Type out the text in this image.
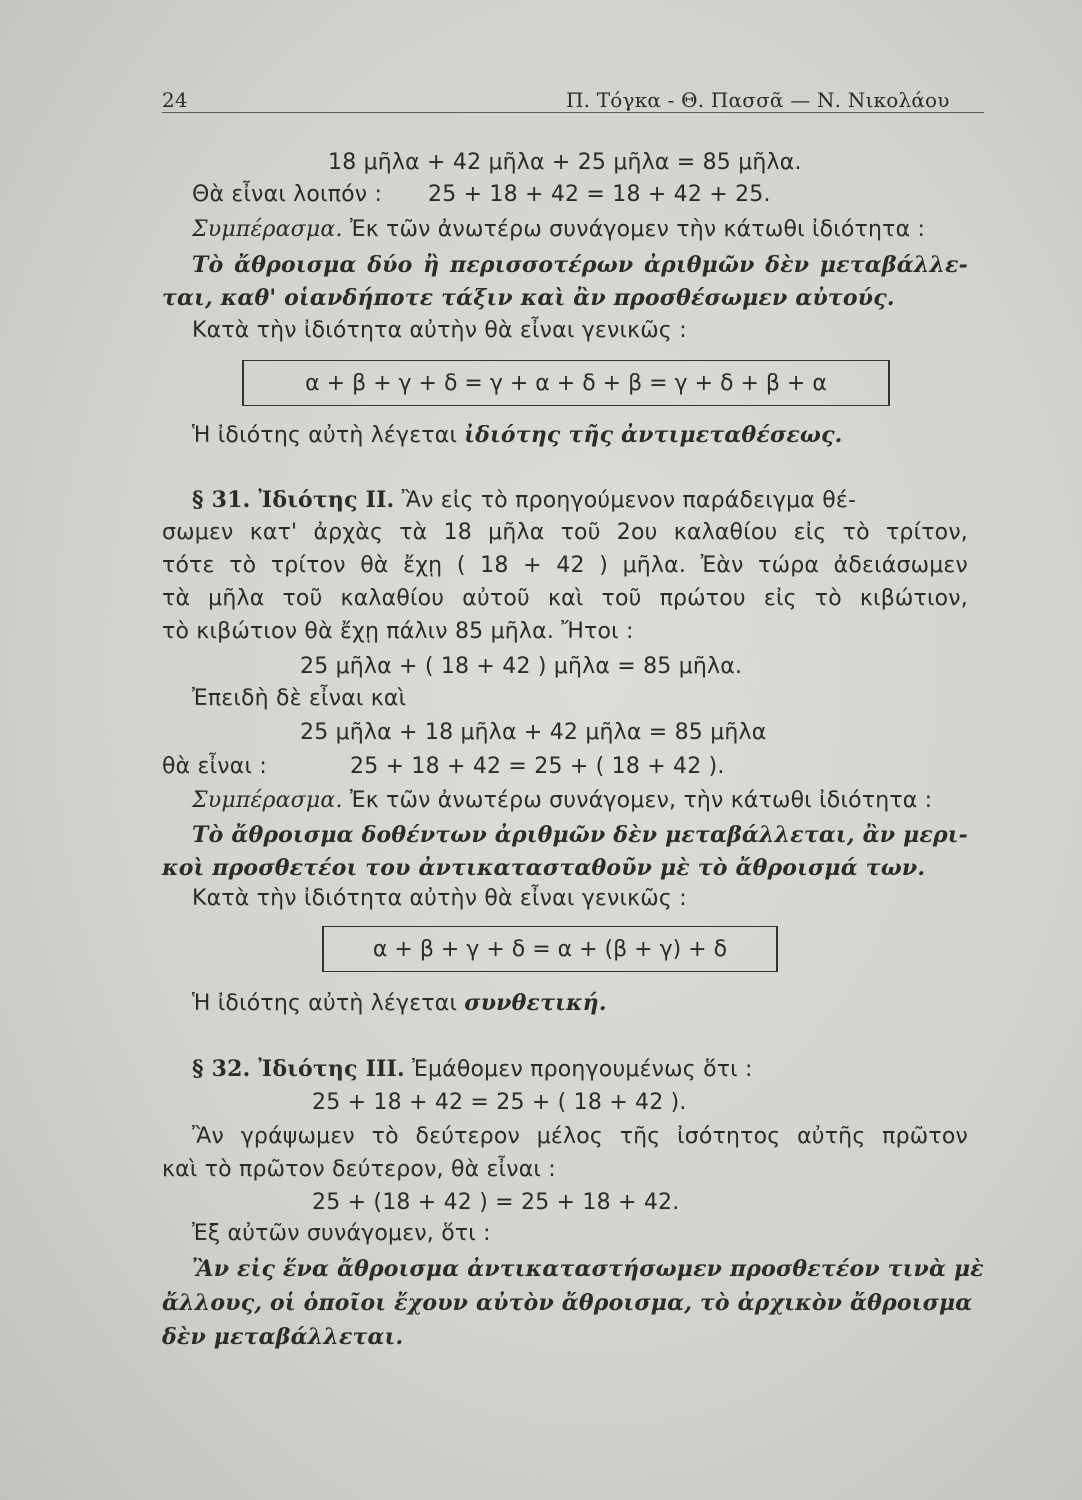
24	Π. Τόγκα - Θ. Πασσᾶ — Ν. Νικολάου
18 μῆλα + 42 μῆλα + 25 μῆλα = 85 μῆλα.
Θὰ εἶναι λοιπόν : 25 + 18 + 42 = 18 + 42 + 25.
Συμπέρασμα. Ἐκ τῶν ἀνωτέρω συνάγομεν τὴν κάτωθι ἰδιότητα :
Τὸ ἄθροισμα δύο ἢ περισσοτέρων ἀριθμῶν δὲν μεταβάλλε-
ται, καθ' οἱανδήποτε τάξιν καὶ ἂν προσθέσωμεν αὐτούς.
Κατὰ τὴν ἰδιότητα αὐτὴν θὰ εἶναι γενικῶς :
α + β + γ + δ = γ + α + δ + β = γ + δ + β + α
Ἡ ἰδιότης αὐτὴ λέγεται ἰδιότης τῆς ἀντιμεταθέσεως.
§ 31. Ἰδιότης ΙΙ. Ἂν εἰς τὸ προηγούμενον παράδειγμα θέ-
σωμεν κατ' ἀρχὰς τὰ 18 μῆλα τοῦ 2ου καλαθίου εἰς τὸ τρίτον,
τότε τὸ τρίτον θὰ ἔχῃ ( 18 + 42 ) μῆλα. Ἐὰν τώρα ἀδειάσωμεν
τὰ μῆλα τοῦ καλαθίου αὐτοῦ καὶ τοῦ πρώτου εἰς τὸ κιβώτιον,
τὸ κιβώτιον θὰ ἔχῃ πάλιν 85 μῆλα. Ἤτοι :
25 μῆλα + ( 18 + 42 ) μῆλα = 85 μῆλα.
Ἐπειδὴ δὲ εἶναι καὶ
25 μῆλα + 18 μῆλα + 42 μῆλα = 85 μῆλα
θὰ εἶναι :	25 + 18 + 42 = 25 + ( 18 + 42 ).
Συμπέρασμα. Ἐκ τῶν ἀνωτέρω συνάγομεν, τὴν κάτωθι ἰδιότητα :
Τὸ ἄθροισμα δοθέντων ἀριθμῶν δὲν μεταβάλλεται, ἂν μερι-
κοὶ προσθετέοι του ἀντικατασταθοῦν μὲ τὸ ἄθροισμά των.
Κατὰ τὴν ἰδιότητα αὐτὴν θὰ εἶναι γενικῶς :
α + β + γ + δ = α + (β + γ) + δ
Ἡ ἰδιότης αὐτὴ λέγεται συνθετική.
§ 32. Ἰδιότης ΙΙΙ. Ἐμάθομεν προηγουμένως ὅτι :
25 + 18 + 42 = 25 + ( 18 + 42 ).
Ἂν γράψωμεν τὸ δεύτερον μέλος τῆς ἰσότητος αὐτῆς πρῶτον
καὶ τὸ πρῶτον δεύτερον, θὰ εἶναι :
25 + (18 + 42 ) = 25 + 18 + 42.
Ἐξ αὐτῶν συνάγομεν, ὅτι :
Ἂν εἰς ἕνα ἄθροισμα ἀντικαταστήσωμεν προσθετέον τινὰ μὲ
ἄλλους, οἱ ὁποῖοι ἔχουν αὐτὸν ἄθροισμα, τὸ ἀρχικὸν ἄθροισμα
δὲν μεταβάλλεται.
